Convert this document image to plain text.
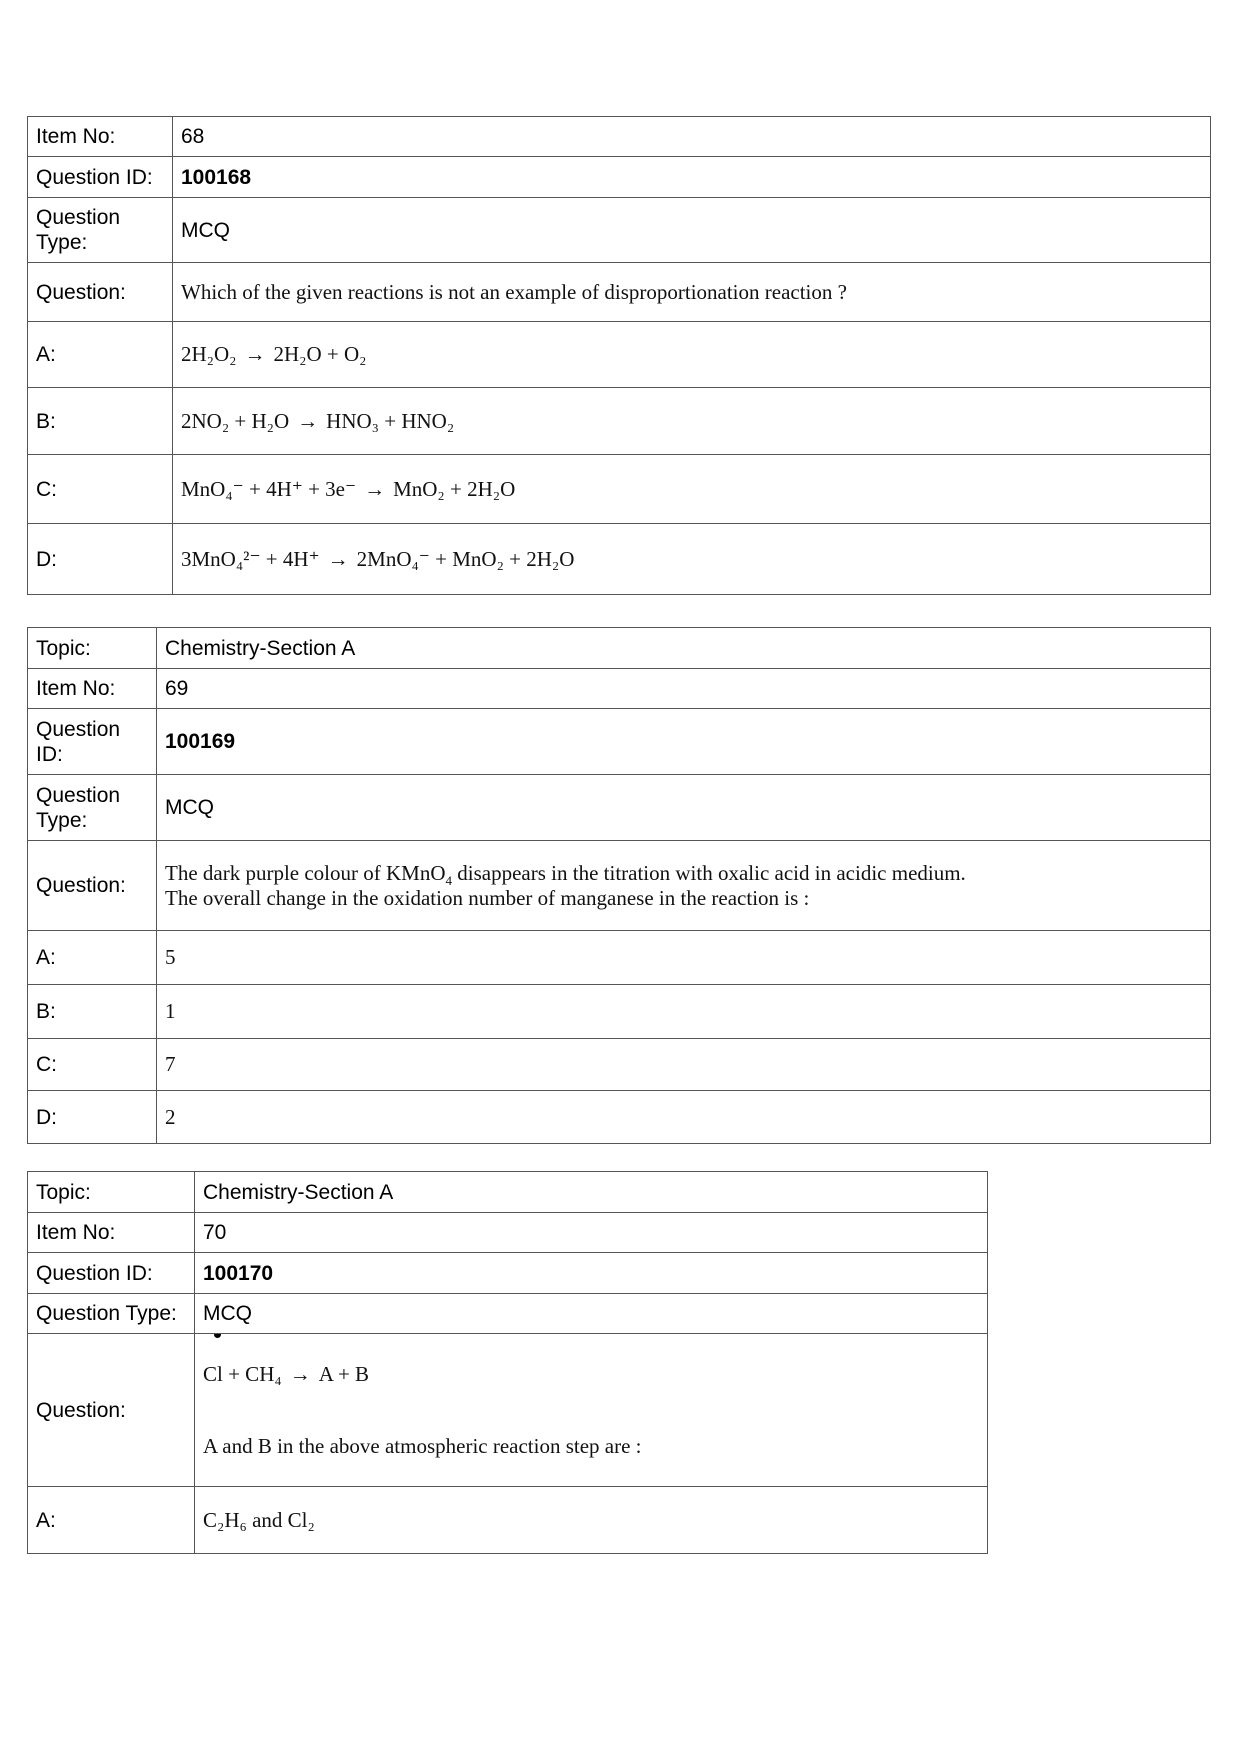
Item No:	68
Question ID:	100168
Question
Type:	MCQ
Question:	Which of the given reactions is not an example of disproportionation reaction ?
A:	2H₂O₂ → 2H₂O + O₂
B:	2NO₂ + H₂O → HNO₃ + HNO₂
C:	MnO₄⁻ + 4H⁺ + 3e⁻ → MnO₂ + 2H₂O
D:	3MnO₄²⁻ + 4H⁺ → 2MnO₄⁻ + MnO₂ + 2H₂O
Topic:	Chemistry-Section A
Item No:	69
Question
ID:	100169
Question
Type:	MCQ
Question:	The dark purple colour of KMnO$_4$ disappears in the titration with oxalic acid in acidic medium.
The overall change in the oxidation number of manganese in the reaction is :

A:	5
B:	1
C:	7
D:	2
Topic:	Chemistry-Section A
Item No:	70
Question ID:	100170
Question Type:	MCQ
Question:	Cl + CH₄ → A + B
A and B in the above atmospheric reaction step are :

A:	C₂H₆ and Cl₂
